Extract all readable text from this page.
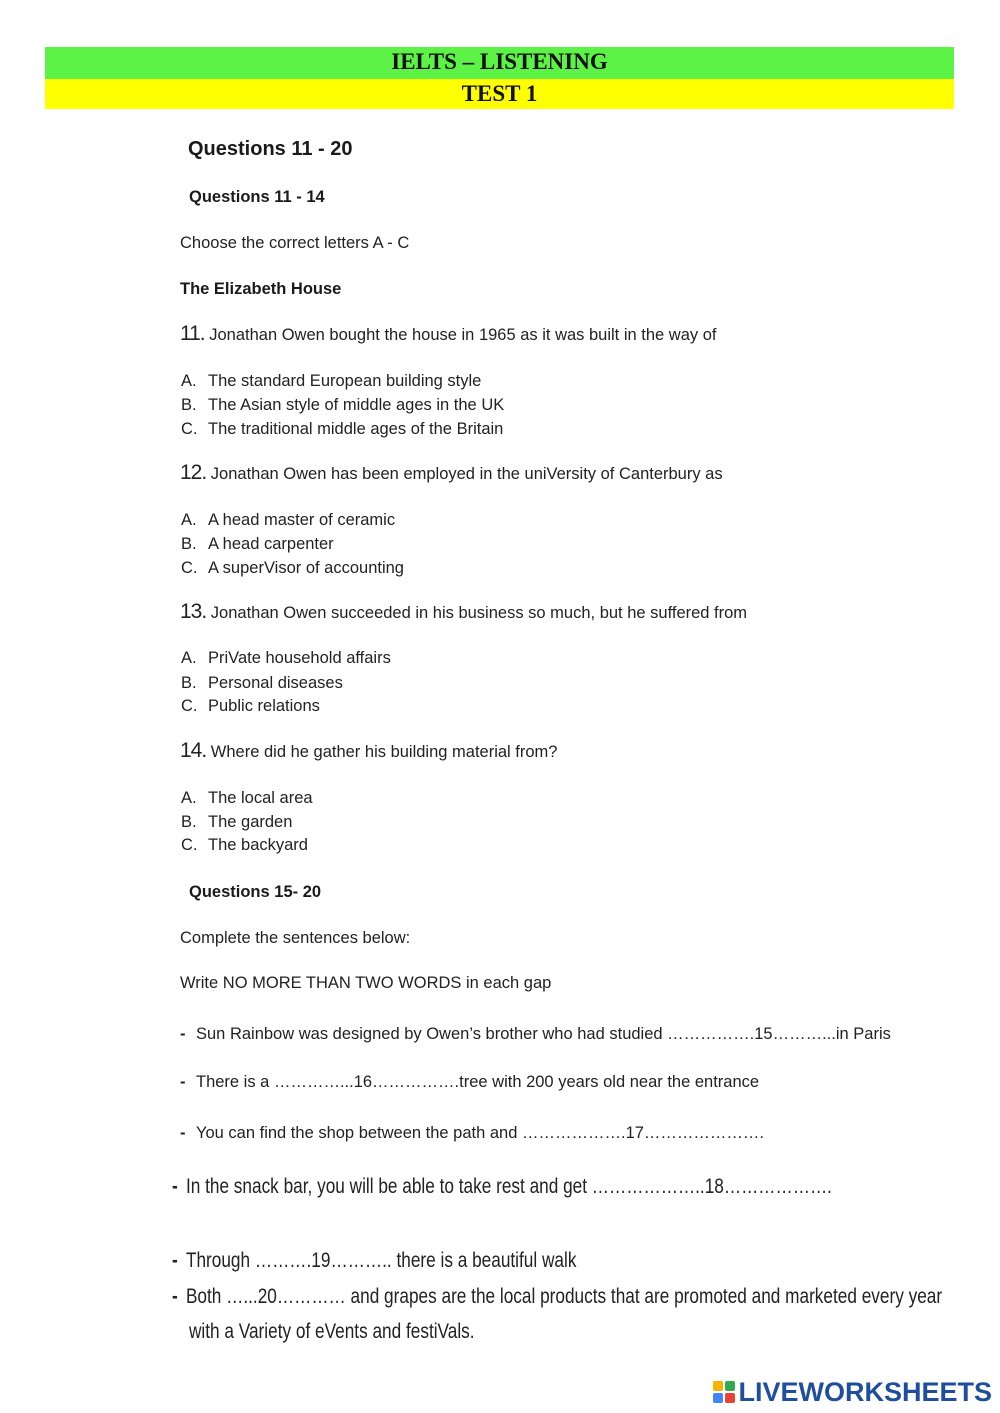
IELTS – LISTENING
TEST 1
Questions 11 - 20
Questions 11 - 14
Choose the correct letters A - C
The Elizabeth House
11. Jonathan Owen bought the house in 1965 as it was built in the way of
A. The standard European building style
B. The Asian style of middle ages in the UK
C. The traditional middle ages of the Britain
12. Jonathan Owen has been employed in the uniVersity of Canterbury as
A. A head master of ceramic
B. A head carpenter
C. A superVisor of accounting
13. Jonathan Owen succeeded in his business so much, but he suffered from
A. PriVate household affairs
B. Personal diseases
C. Public relations
14. Where did he gather his building material from?
A. The local area
B. The garden
C. The backyard
Questions 15- 20
Complete the sentences below:
Write NO MORE THAN TWO WORDS in each gap
- Sun Rainbow was designed by Owen’s brother who had studied …………….15………...in Paris
- There is a …………...16…………….tree with 200 years old near the entrance
- You can find the shop between the path and ……………….17………………….
- In the snack bar, you will be able to take rest and get ………………..18……………….
- Through ……….19……….. there is a beautiful walk
- Both …...20………… and grapes are the local products that are promoted and marketed every year
with a Variety of eVents and festiVals.
LIVEWORKSHEETS
